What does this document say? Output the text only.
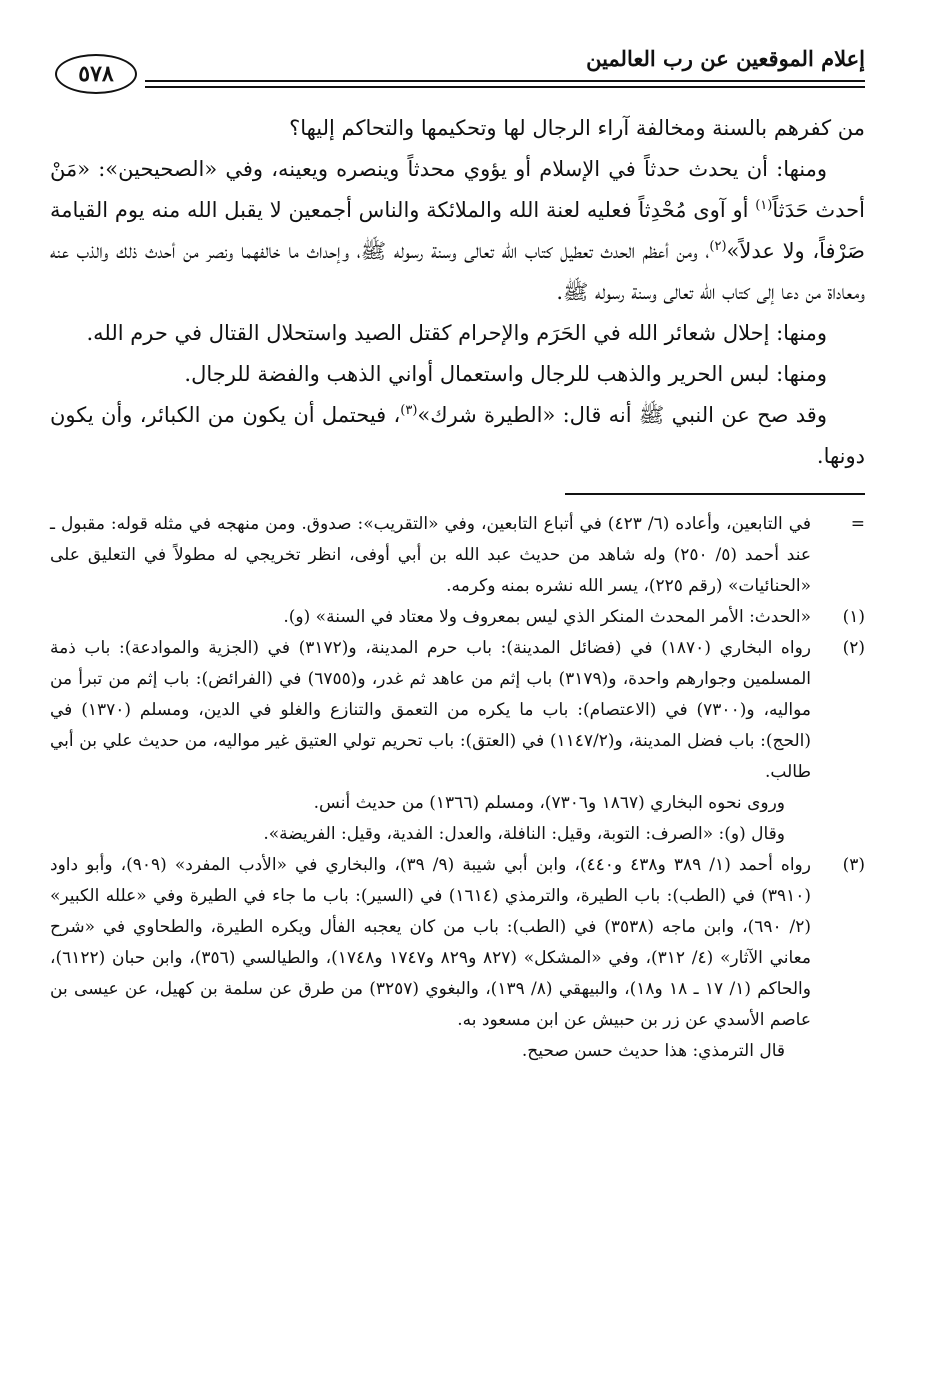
إعلام الموقعين عن رب العالمين
٥٧٨

من كفرهم بالسنة ومخالفة آراء الرجال لها وتحكيمها والتحاكم إليها؟

ومنها: أن يحدث حدثاً في الإسلام أو يؤوي محدثاً وينصره ويعينه، وفي «الصحيحين»: «مَنْ أحدث حَدَثاً$^{(١)}$ أو آوى مُحْدِثاً فعليه لعنة الله والملائكة والناس أجمعين لا يقبل الله منه يوم القيامة صَرْفاً، ولا عدلاً»$^{(٢)}$، ومن أعظم الحدث تعطيل كتاب الله تعالى وسنة رسوله ﷺ، وإحداث ما خالفهما ونصر من أحدث ذلك والذب عنه ومعاداة من دعا إلى كتاب الله تعالى وسنة رسوله ﷺ.

ومنها: إحلال شعائر الله في الحَرَم والإحرام كقتل الصيد واستحلال القتال في حرم الله.

ومنها: لبس الحرير والذهب للرجال واستعمال أواني الذهب والفضة للرجال.

وقد صح عن النبي ﷺ أنه قال: «الطيرة شرك»$^{(٣)}$، فيحتمل أن يكون من الكبائر، وأن يكون دونها.

=
في التابعين، وأعاده (٦/ ٤٢٣) في أتباع التابعين، وفي «التقريب»: صدوق. ومن منهجه في مثله قوله: مقبول ـ عند أحمد (٥/ ٢٥٠) وله شاهد من حديث عبد الله بن أبي أوفى، انظر تخريجي له مطولاً في التعليق على «الحنائيات» (رقم ٢٢٥)، يسر الله نشره بمنه وكرمه.
(١)
«الحدث: الأمر المحدث المنكر الذي ليس بمعروف ولا معتاد في السنة» (و).
(٢)
رواه البخاري (١٨٧٠) في (فضائل المدينة): باب حرم المدينة، و(٣١٧٢) في (الجزية والموادعة): باب ذمة المسلمين وجوارهم واحدة، و(٣١٧٩) باب إثم من عاهد ثم غدر، و(٦٧٥٥) في (الفرائض): باب إثم من تبرأ من مواليه، و(٧٣٠٠) في (الاعتصام): باب ما يكره من التعمق والتنازع والغلو في الدين، ومسلم (١٣٧٠) في (الحج): باب فضل المدينة، و(١١٤٧/٢) في (العتق): باب تحريم تولي العتيق غير مواليه، من حديث علي بن أبي طالب.

وروى نحوه البخاري (١٨٦٧ و٧٣٠٦)، ومسلم (١٣٦٦) من حديث أنس.

وقال (و): «الصرف: التوبة، وقيل: النافلة، والعدل: الفدية، وقيل: الفريضة».

(٣)
رواه أحمد (١/ ٣٨٩ و٤٣٨ و٤٤٠)، وابن أبي شيبة (٩/ ٣٩)، والبخاري في «الأدب المفرد» (٩٠٩)، وأبو داود (٣٩١٠) في (الطب): باب الطيرة، والترمذي (١٦١٤) في (السير): باب ما جاء في الطيرة وفي «علله الكبير» (٢/ ٦٩٠)، وابن ماجه (٣٥٣٨) في (الطب): باب من كان يعجبه الفأل ويكره الطيرة، والطحاوي في «شرح معاني الآثار» (٤/ ٣١٢)، وفي «المشكل» (٨٢٧ و٨٢٩ و١٧٤٧ و١٧٤٨)، والطيالسي (٣٥٦)، وابن حبان (٦١٢٢)، والحاكم (١/ ١٧ ـ ١٨ و١٨)، والبيهقي (٨/ ١٣٩)، والبغوي (٣٢٥٧) من طرق عن سلمة بن كهيل، عن عيسى بن عاصم الأسدي عن زر بن حبيش عن ابن مسعود به.

قال الترمذي: هذا حديث حسن صحيح.
